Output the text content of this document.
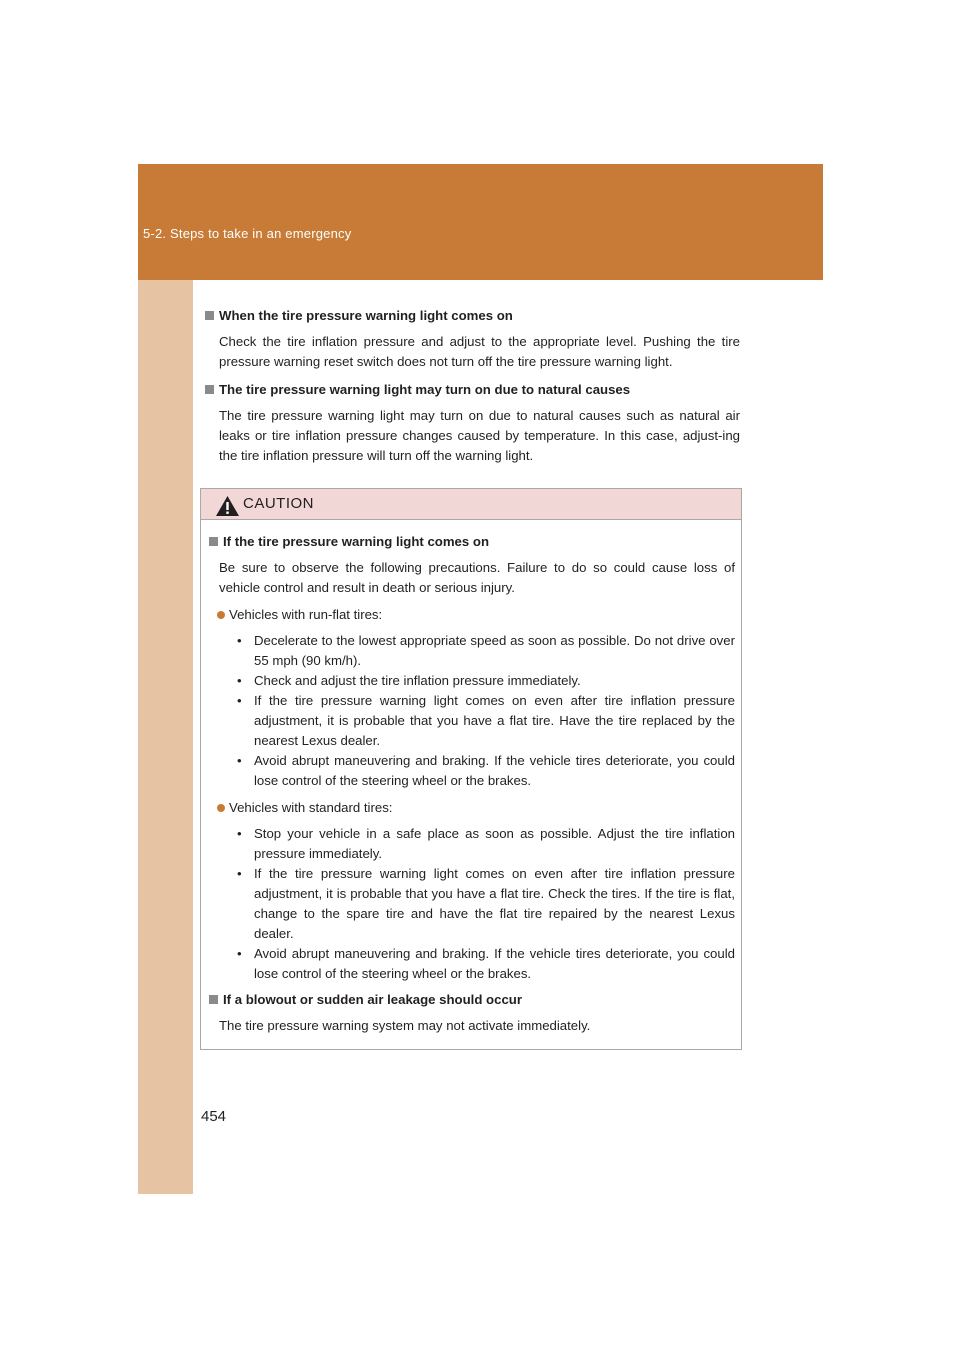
5-2. Steps to take in an emergency

When the tire pressure warning light comes on

Check the tire inflation pressure and adjust to the appropriate level. Pushing the tire pressure warning reset switch does not turn off the tire pressure warning light.

The tire pressure warning light may turn on due to natural causes

The tire pressure warning light may turn on due to natural causes such as natural air leaks or tire inflation pressure changes caused by temperature. In this case, adjust-ing the tire inflation pressure will turn off the warning light.

CAUTION

If the tire pressure warning light comes on

Be sure to observe the following precautions. Failure to do so could cause loss of vehicle control and result in death or serious injury.

Vehicles with run-flat tires:
• Decelerate to the lowest appropriate speed as soon as possible. Do not drive over 55 mph (90 km/h).
• Check and adjust the tire inflation pressure immediately.
• If the tire pressure warning light comes on even after tire inflation pressure adjustment, it is probable that you have a flat tire. Have the tire replaced by the nearest Lexus dealer.
• Avoid abrupt maneuvering and braking. If the vehicle tires deteriorate, you could lose control of the steering wheel or the brakes.
Vehicles with standard tires:
• Stop your vehicle in a safe place as soon as possible. Adjust the tire inflation pressure immediately.
• If the tire pressure warning light comes on even after tire inflation pressure adjustment, it is probable that you have a flat tire. Check the tires. If the tire is flat, change to the spare tire and have the flat tire repaired by the nearest Lexus dealer.
• Avoid abrupt maneuvering and braking. If the vehicle tires deteriorate, you could lose control of the steering wheel or the brakes.

If a blowout or sudden air leakage should occur

The tire pressure warning system may not activate immediately.

454
